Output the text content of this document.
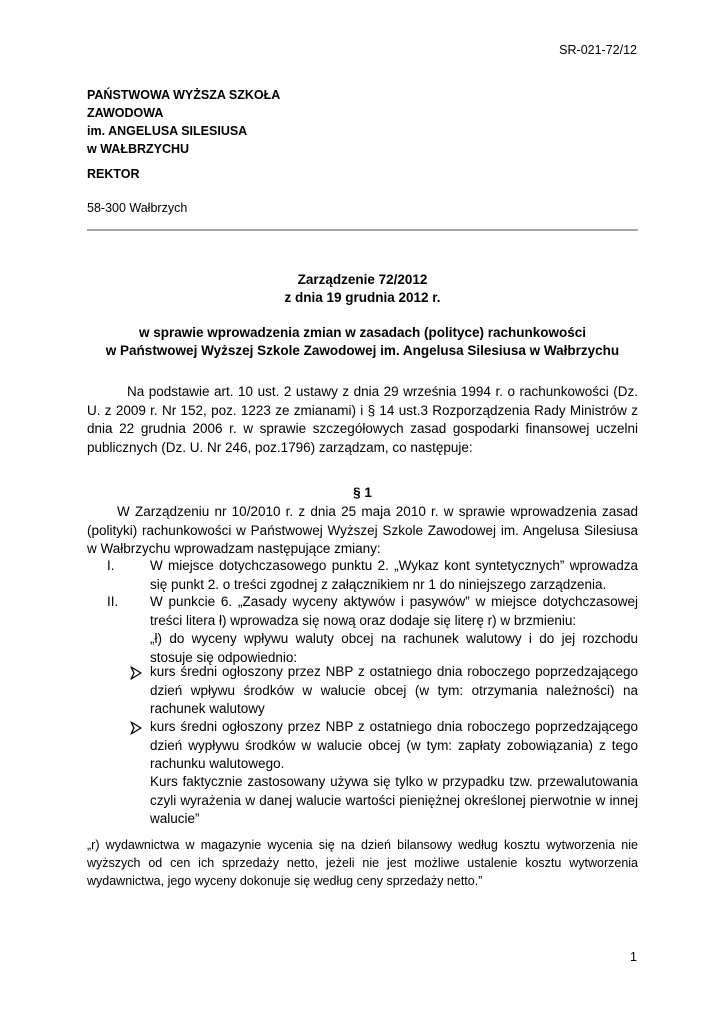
SR-021-72/12
PAŃSTWOWA WYŻSZA SZKOŁA
ZAWODOWA
im. ANGELUSA SILESIUSA
w WAŁBRZYCHU
REKTOR
58-300 Wałbrzych
Zarządzenie 72/2012
z dnia 19 grudnia 2012 r.
w sprawie wprowadzenia zmian w zasadach (polityce) rachunkowości
w Państwowej Wyższej Szkole Zawodowej im. Angelusa Silesiusa w Wałbrzychu
Na podstawie art. 10 ust. 2 ustawy z dnia 29 września 1994 r. o rachunkowości (Dz. U. z 2009 r. Nr 152, poz. 1223 ze zmianami) i § 14 ust.3 Rozporządzenia Rady Ministrów z dnia 22 grudnia 2006 r. w sprawie szczegółowych zasad gospodarki finansowej uczelni publicznych (Dz. U. Nr 246, poz.1796) zarządzam, co następuje:
§ 1
W Zarządzeniu nr 10/2010 r. z dnia 25 maja 2010 r. w sprawie wprowadzenia zasad (polityki) rachunkowości w Państwowej Wyższej Szkole Zawodowej im. Angelusa Silesiusa w Wałbrzychu wprowadzam następujące zmiany:
I.	W miejsce dotychczasowego punktu 2. „Wykaz kont syntetycznych” wprowadza
się punkt 2. o treści zgodnej z załącznikiem nr 1 do niniejszego zarządzenia.
II. W punkcie 6. „Zasady wyceny aktywów i pasywów” w miejsce dotychczasowej
treści litera ł) wprowadza się nową oraz dodaje się literę r) w brzmieniu:
„ł) do wyceny wpływu waluty obcej na rachunek walutowy i do jej rozchodu
stosuje się odpowiednio:
kurs średni ogłoszony przez NBP z ostatniego dnia roboczego poprzedzającego
dzień wpływu środków w walucie obcej (w tym: otrzymania należności) na
rachunek walutowy
kurs średni ogłoszony przez NBP z ostatniego dnia roboczego poprzedzającego
dzień wypływu środków w walucie obcej (w tym: zapłaty zobowiązania) z tego
rachunku walutowego.
Kurs faktycznie zastosowany używa się tylko w przypadku tzw. przewalutowania
czyli wyrażenia w danej walucie wartości pieniężnej określonej pierwotnie w innej
walucie”
„r) wydawnictwa w magazynie wycenia się na dzień bilansowy według kosztu wytworzenia nie
wyższych od cen ich sprzedaży netto, jeżeli nie jest możliwe ustalenie kosztu wytworzenia
wydawnictwa, jego wyceny dokonuje się według ceny sprzedaży netto.”
1
